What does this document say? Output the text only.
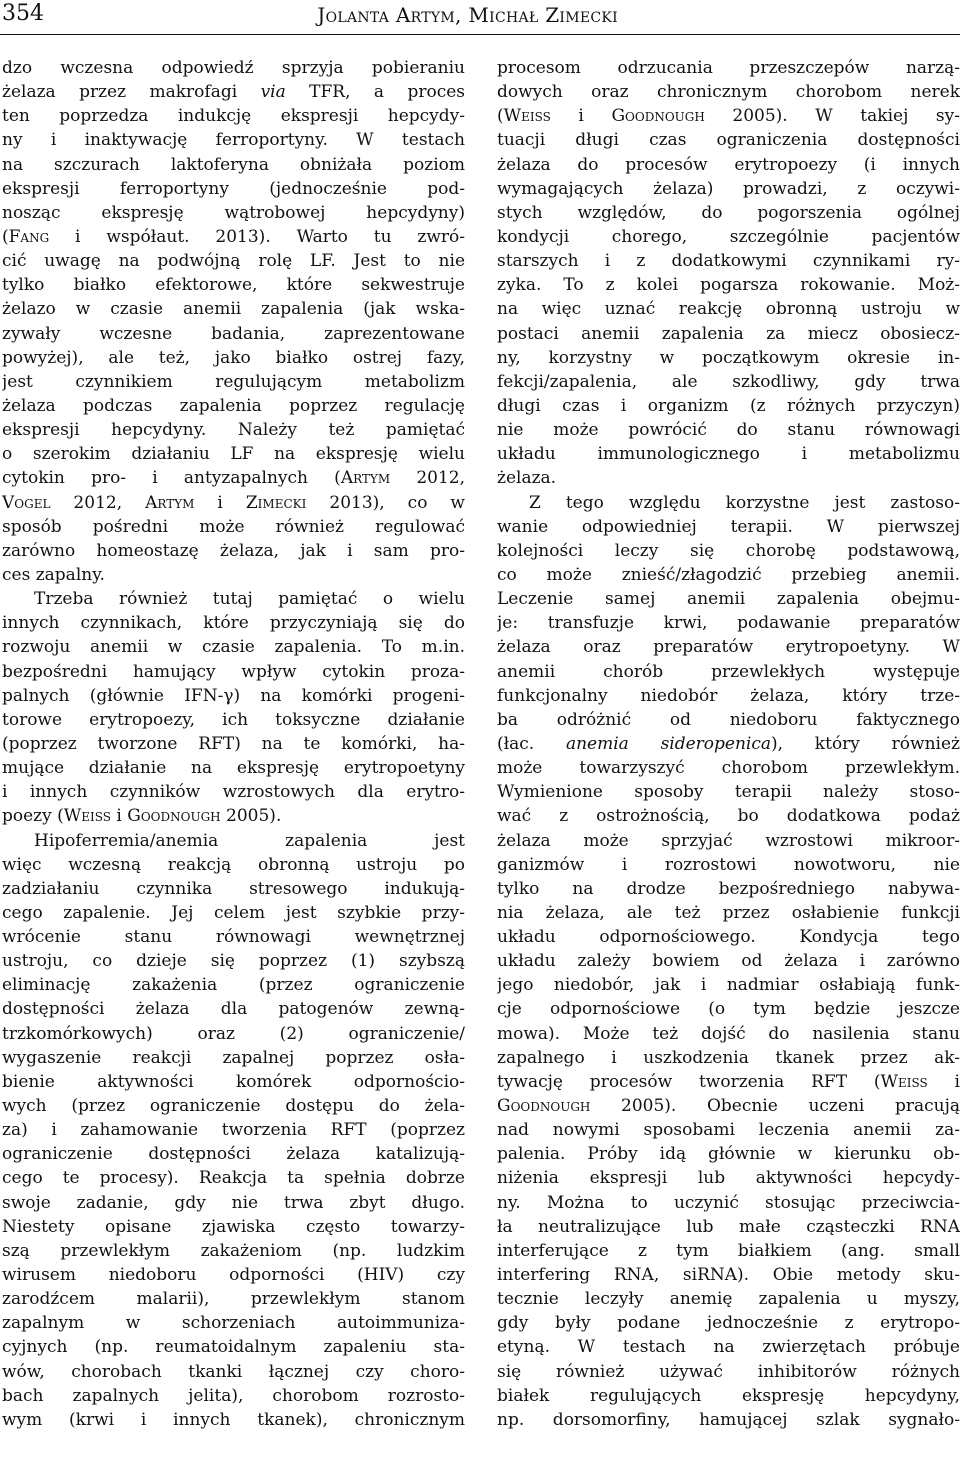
354	Jolanta Artym, Michał Zimecki
dzo wczesna odpowiedź sprzyja pobieraniu
żelaza przez makrofagi via TFR, a proces
ten poprzedza indukcję ekspresji hepcydy-
ny i inaktywację ferroportyny. W testach
na szczurach laktoferyna obniżała poziom
ekspresji ferroportyny (jednocześnie pod-
nosząc ekspresję wątrobowej hepcydyny)
(Fang i współaut. 2013). Warto tu zwró-
cić uwagę na podwójną rolę LF. Jest to nie
tylko białko efektorowe, które sekwestruje
żelazo w czasie anemii zapalenia (jak wska-
zywały wczesne badania, zaprezentowane
powyżej), ale też, jako białko ostrej fazy,
jest czynnikiem regulującym metabolizm
żelaza podczas zapalenia poprzez regulację
ekspresji hepcydyny. Należy też pamiętać
o szerokim działaniu LF na ekspresję wielu
cytokin pro- i antyzapalnych (Artym 2012,
Vogel 2012, Artym i Zimecki 2013), co w
sposób pośredni może również regulować
zarówno homeostazę żelaza, jak i sam pro-
ces zapalny.
Trzeba również tutaj pamiętać o wielu
innych czynnikach, które przyczyniają się do
rozwoju anemii w czasie zapalenia. To m.in.
bezpośredni hamujący wpływ cytokin proza-
palnych (głównie IFN-γ) na komórki progeni-
torowe erytropoezy, ich toksyczne działanie
(poprzez tworzone RFT) na te komórki, ha-
mujące działanie na ekspresję erytropoetyny
i innych czynników wzrostowych dla erytro-
poezy (Weiss i Goodnough 2005).
Hipoferremia/anemia zapalenia jest
więc wczesną reakcją obronną ustroju po
zadziałaniu czynnika stresowego indukują-
cego zapalenie. Jej celem jest szybkie przy-
wrócenie stanu równowagi wewnętrznej
ustroju, co dzieje się poprzez (1) szybszą
eliminację zakażenia (przez ograniczenie
dostępności żelaza dla patogenów zewną-
trzkomórkowych) oraz (2) ograniczenie/
wygaszenie reakcji zapalnej poprzez osła-
bienie aktywności komórek odpornościo-
wych (przez ograniczenie dostępu do żela-
za) i zahamowanie tworzenia RFT (poprzez
ograniczenie dostępności żelaza katalizują-
cego te procesy). Reakcja ta spełnia dobrze
swoje zadanie, gdy nie trwa zbyt długo.
Niestety opisane zjawiska często towarzy-
szą przewlekłym zakażeniom (np. ludzkim
wirusem niedoboru odporności (HIV) czy
zarodźcem malarii), przewlekłym stanom
zapalnym w schorzeniach autoimmuniza-
cyjnych (np. reumatoidalnym zapaleniu sta-
wów, chorobach tkanki łącznej czy choro-
bach zapalnych jelita), chorobom rozrosto-
wym (krwi i innych tkanek), chronicznym
procesom odrzucania przeszczepów narzą-
dowych oraz chronicznym chorobom nerek
(Weiss i Goodnough 2005). W takiej sy-
tuacji długi czas ograniczenia dostępności
żelaza do procesów erytropoezy (i innych
wymagających żelaza) prowadzi, z oczywi-
stych względów, do pogorszenia ogólnej
kondycji chorego, szczególnie pacjentów
starszych i z dodatkowymi czynnikami ry-
zyka. To z kolei pogarsza rokowanie. Moż-
na więc uznać reakcję obronną ustroju w
postaci anemii zapalenia za miecz obosiecz-
ny, korzystny w początkowym okresie in-
fekcji/zapalenia, ale szkodliwy, gdy trwa
długi czas i organizm (z różnych przyczyn)
nie może powrócić do stanu równowagi
układu immunologicznego i metabolizmu
żelaza.
Z tego względu korzystne jest zastoso-
wanie odpowiedniej terapii. W pierwszej
kolejności leczy się chorobę podstawową,
co może znieść/złagodzić przebieg anemii.
Leczenie samej anemii zapalenia obejmu-
je: transfuzje krwi, podawanie preparatów
żelaza oraz preparatów erytropoetyny. W
anemii chorób przewlekłych występuje
funkcjonalny niedobór żelaza, który trze-
ba odróżnić od niedoboru faktycznego
(łac. anemia sideropenica), który również
może towarzyszyć chorobom przewlekłym.
Wymienione sposoby terapii należy stoso-
wać z ostrożnością, bo dodatkowa podaż
żelaza może sprzyjać wzrostowi mikroor-
ganizmów i rozrostowi nowotworu, nie
tylko na drodze bezpośredniego nabywa-
nia żelaza, ale też przez osłabienie funkcji
układu odpornościowego. Kondycja tego
układu zależy bowiem od żelaza i zarówno
jego niedobór, jak i nadmiar osłabiają funk-
cje odpornościowe (o tym będzie jeszcze
mowa). Może też dojść do nasilenia stanu
zapalnego i uszkodzenia tkanek przez ak-
tywację procesów tworzenia RFT (Weiss i
Goodnough 2005). Obecnie uczeni pracują
nad nowymi sposobami leczenia anemii za-
palenia. Próby idą głównie w kierunku ob-
niżenia ekspresji lub aktywności hepcydy-
ny. Można to uczynić stosując przeciwcia-
ła neutralizujące lub małe cząsteczki RNA
interferujące z tym białkiem (ang. small
interfering RNA, siRNA). Obie metody sku-
tecznie leczyły anemię zapalenia u myszy,
gdy były podane jednocześnie z erytropo-
etyną. W testach na zwierzętach próbuje
się również używać inhibitorów różnych
białek regulujących ekspresję hepcydyny,
np. dorsomorfiny, hamującej szlak sygnało-
